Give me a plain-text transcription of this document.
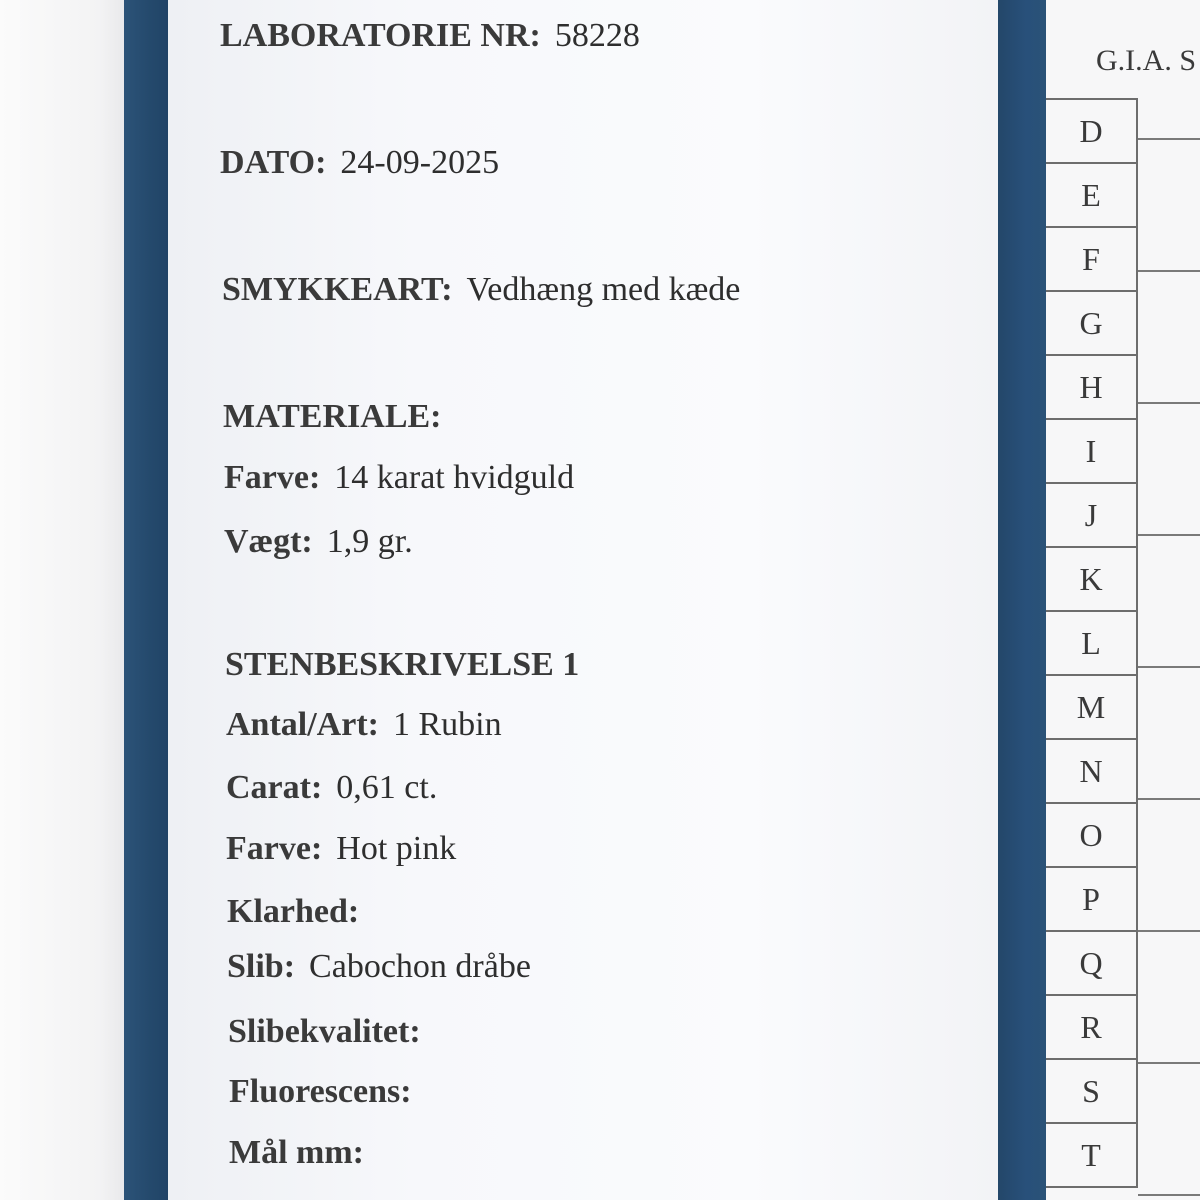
LABORATORIE NR: 58228
DATO: 24-09-2025
SMYKKEART: Vedhæng med kæde
MATERIALE:
Farve: 14 karat hvidguld
Vægt: 1,9 gr.
STENBESKRIVELSE 1
Antal/Art: 1 Rubin
Carat: 0,61 ct.
Farve: Hot pink
Klarhed:
Slib: Cabochon dråbe
Slibekvalitet:
Fluorescens:
Mål mm:
G.I.A. S
D
E
F
G
H
I
J
K
L
M
N
O
P
Q
R
S
T
